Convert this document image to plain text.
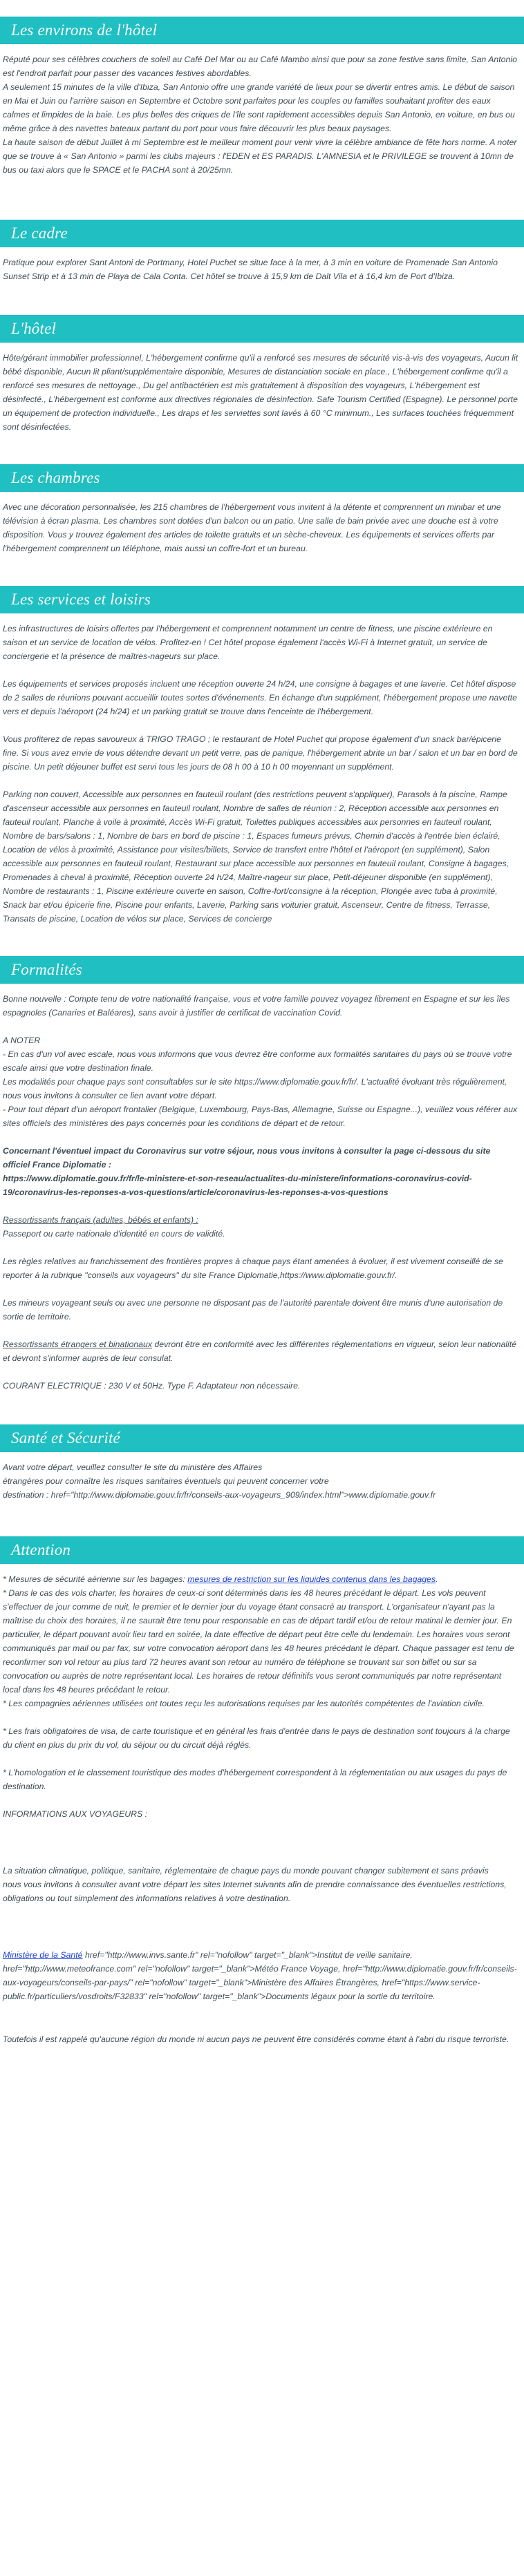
Les environs de l'hôtel

Réputé pour ses célèbres couchers de soleil au Café Del Mar ou au Café Mambo ainsi que pour sa zone festive sans limite, San Antonio est l'endroit parfait pour passer des vacances festives abordables.
A seulement 15 minutes de la ville d'Ibiza, San Antonio offre une grande variété de lieux pour se divertir entres amis. Le début de saison en Mai et Juin ou l'arrière saison en Septembre et Octobre sont parfaites pour les couples ou familles souhaitant profiter des eaux calmes et limpides de la baie. Les plus belles des criques de l'île sont rapidement accessibles depuis San Antonio, en voiture, en bus ou même grâce à des navettes bateaux partant du port pour vous faire découvrir les plus beaux paysages.
La haute saison de début Juillet à mi Septembre est le meilleur moment pour venir vivre la célèbre ambiance de fête hors norme. A noter que se trouve à « San Antonio » parmi les clubs majeurs : l'EDEN et ES PARADIS. L'AMNESIA et le PRIVILEGE se trouvent à 10mn de bus ou taxi alors que le SPACE et le PACHA sont à 20/25mn.

Le cadre

Pratique pour explorer Sant Antoni de Portmany, Hotel Puchet se situe face à la mer, à 3 min en voiture de Promenade San Antonio Sunset Strip et à 13 min de Playa de Cala Conta. Cet hôtel se trouve à 15,9 km de Dalt Vila et à 16,4 km de Port d'Ibiza.

L'hôtel

Hôte/gérant immobilier professionnel, L'hébergement confirme qu'il a renforcé ses mesures de sécurité vis-à-vis des voyageurs, Aucun lit bébé disponible, Aucun lit pliant/supplémentaire disponible, Mesures de distanciation sociale en place., L'hébergement confirme qu'il a renforcé ses mesures de nettoyage., Du gel antibactérien est mis gratuitement à disposition des voyageurs, L'hébergement est désinfecté., L'hébergement est conforme aux directives régionales de désinfection. Safe Tourism Certified (Espagne). Le personnel porte un équipement de protection individuelle., Les draps et les serviettes sont lavés à 60 °C minimum., Les surfaces touchées fréquemment sont désinfectées.

Les chambres

Avec une décoration personnalisée, les 215 chambres de l'hébergement vous invitent à la détente et comprennent un minibar et une télévision à écran plasma. Les chambres sont dotées d'un balcon ou un patio. Une salle de bain privée avec une douche est à votre disposition. Vous y trouvez également des articles de toilette gratuits et un sèche-cheveux. Les équipements et services offerts par l'hébergement comprennent un téléphone, mais aussi un coffre-fort et un bureau.

Les services et loisirs

Les infrastructures de loisirs offertes par l'hébergement et comprennent notamment un centre de fitness, une piscine extérieure en saison et un service de location de vélos. Profitez-en ! Cet hôtel propose également l'accès Wi-Fi à Internet gratuit, un service de conciergerie et la présence de maîtres-nageurs sur place.

Les équipements et services proposés incluent une réception ouverte 24 h/24, une consigne à bagages et une laverie. Cet hôtel dispose de 2 salles de réunions pouvant accueillir toutes sortes d'événements. En échange d'un supplément, l'hébergement propose une navette vers et depuis l'aéroport (24 h/24) et un parking gratuit se trouve dans l'enceinte de l'hébergement.

Vous profiterez de repas savoureux à TRIGO TRAGO ; le restaurant de Hotel Puchet qui propose également d'un snack bar/épicerie fine. Si vous avez envie de vous détendre devant un petit verre, pas de panique, l'hébergement abrite un bar / salon et un bar en bord de piscine. Un petit déjeuner buffet est servi tous les jours de 08 h 00 à 10 h 00 moyennant un supplément.

Parking non couvert, Accessible aux personnes en fauteuil roulant (des restrictions peuvent s'appliquer), Parasols à la piscine, Rampe d'ascenseur accessible aux personnes en fauteuil roulant, Nombre de salles de réunion : 2, Réception accessible aux personnes en fauteuil roulant, Planche à voile à proximité, Accès Wi-Fi gratuit, Toilettes publiques accessibles aux personnes en fauteuil roulant, Nombre de bars/salons : 1, Nombre de bars en bord de piscine : 1, Espaces fumeurs prévus, Chemin d'accès à l'entrée bien éclairé, Location de vélos à proximité, Assistance pour visites/billets, Service de transfert entre l'hôtel et l'aéroport (en supplément), Salon accessible aux personnes en fauteuil roulant, Restaurant sur place accessible aux personnes en fauteuil roulant, Consigne à bagages, Promenades à cheval à proximité, Réception ouverte 24 h/24, Maître-nageur sur place, Petit-déjeuner disponible (en supplément), Nombre de restaurants : 1, Piscine extérieure ouverte en saison, Coffre-fort/consigne à la réception, Plongée avec tuba à proximité, Snack bar et/ou épicerie fine, Piscine pour enfants, Laverie, Parking sans voiturier gratuit, Ascenseur, Centre de fitness, Terrasse, Transats de piscine, Location de vélos sur place, Services de concierge

Formalités

Bonne nouvelle : Compte tenu de votre nationalité française, vous et votre famille pouvez voyagez librement en Espagne et sur les îles espagnoles (Canaries et Baléares), sans avoir à justifier de certificat de vaccination Covid.

A NOTER
- En cas d'un vol avec escale, nous vous informons que vous devrez être conforme aux formalités sanitaires du pays où se trouve votre escale ainsi que votre destination finale.
Les modalités pour chaque pays sont consultables sur le site https://www.diplomatie.gouv.fr/fr/. L'actualité évoluant très régulièrement, nous vous invitons à consulter ce lien avant votre départ.
- Pour tout départ d'un aéroport frontalier (Belgique, Luxembourg, Pays-Bas, Allemagne, Suisse ou Espagne...), veuillez vous référer aux sites officiels des ministères des pays concernés pour les conditions de départ et de retour.

Concernant l'éventuel impact du Coronavirus sur votre séjour, nous vous invitons à consulter la page ci-dessous du site officiel France Diplomatie :
https://www.diplomatie.gouv.fr/fr/le-ministere-et-son-reseau/actualites-du-ministere/informations-coronavirus-covid-19/coronavirus-les-reponses-a-vos-questions/article/coronavirus-les-reponses-a-vos-questions

Ressortissants français (adultes, bébés et enfants) :
Passeport ou carte nationale d'identité en cours de validité.

Les règles relatives au franchissement des frontières propres à chaque pays étant amenées à évoluer, il est vivement conseillé de se reporter à la rubrique "conseils aux voyageurs" du site France Diplomatie,https://www.diplomatie.gouv.fr/.

Les mineurs voyageant seuls ou avec une personne ne disposant pas de l'autorité parentale doivent être munis d'une autorisation de sortie de territoire.

Ressortissants étrangers et binationaux devront être en conformité avec les différentes réglementations en vigueur, selon leur nationalité et devront s'informer auprès de leur consulat.

COURANT ELECTRIQUE : 230 V et 50Hz. Type F. Adaptateur non nécessaire.

Santé et Sécurité

Avant votre départ, veuillez consulter le site du ministère des Affaires
étrangères pour connaître les risques sanitaires éventuels qui peuvent concerner votre
destination : href="http://www.diplomatie.gouv.fr/fr/conseils-aux-voyageurs_909/index.html">www.diplomatie.gouv.fr

Attention

* Mesures de sécurité aérienne sur les bagages: mesures de restriction sur les liquides contenus dans les bagages.
* Dans le cas des vols charter, les horaires de ceux-ci sont déterminés dans les 48 heures précédant le départ. Les vols peuvent s'effectuer de jour comme de nuit, le premier et le dernier jour du voyage étant consacré au transport. L'organisateur n'ayant pas la maîtrise du choix des horaires, il ne saurait être tenu pour responsable en cas de départ tardif et/ou de retour matinal le dernier jour. En particulier, le départ pouvant avoir lieu tard en soirée, la date effective de départ peut être celle du lendemain. Les horaires vous seront communiqués par mail ou par fax, sur votre convocation aéroport dans les 48 heures précédant le départ. Chaque passager est tenu de reconfirmer son vol retour au plus tard 72 heures avant son retour au numéro de téléphone se trouvant sur son billet ou sur sa convocation ou auprès de notre représentant local. Les horaires de retour définitifs vous seront communiqués par notre représentant local dans les 48 heures précédant le retour.
* Les compagnies aériennes utilisées ont toutes reçu les autorisations requises par les autorités compétentes de l'aviation civile.

* Les frais obligatoires de visa, de carte touristique et en général les frais d'entrée dans le pays de destination sont toujours à la charge du client en plus du prix du vol, du séjour ou du circuit déjà réglés.

* L'homologation et le classement touristique des modes d'hébergement correspondent à la réglementation ou aux usages du pays de destination.

INFORMATIONS AUX VOYAGEURS :

La situation climatique, politique, sanitaire, réglementaire de chaque pays du monde pouvant changer subitement et sans préavis
nous vous invitons à consulter avant votre départ les sites Internet suivants afin de prendre connaissance des éventuelles restrictions, obligations ou tout simplement des informations relatives à votre destination.

Ministère de la Santé href="http://www.invs.sante.fr" rel="nofollow" target="_blank">Institut de veille sanitaire, href="http://www.meteofrance.com" rel="nofollow" target="_blank">Météo France Voyage, href="http://www.diplomatie.gouv.fr/fr/conseils-aux-voyageurs/conseils-par-pays/" rel="nofollow" target="_blank">Ministère des Affaires Étrangères, href="https://www.service-public.fr/particuliers/vosdroits/F32833" rel="nofollow" target="_blank">Documents légaux pour la sortie du territoire.

Toutefois il est rappelé qu'aucune région du monde ni aucun pays ne peuvent être considérés comme étant à l'abri du risque terroriste.
